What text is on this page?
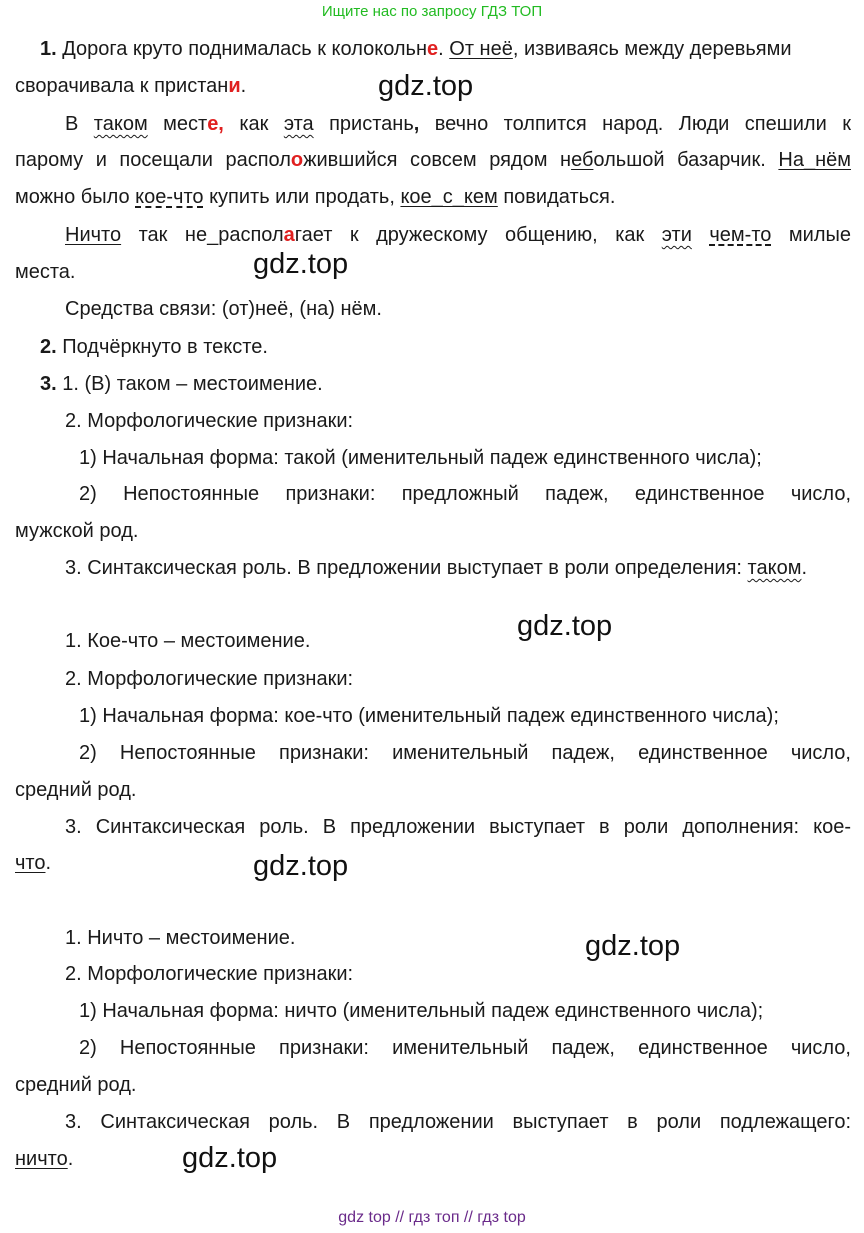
Ищите нас по запросу ГДЗ ТОП
1. Дорога круто поднималась к колокольне. От неё, извиваясь между деревьями
сворачивала к пристани.
В таком месте, как эта пристань, вечно толпится народ. Люди спешили к
парому и посещали расположившийся совсем рядом небольшой базарчик. На_нём
можно было кое-что купить или продать, кое_с_кем повидаться.
Ничто так не_располагает к дружескому общению, как эти чем-то милые
места.
Средства связи: (от)неё, (на) нём.
2. Подчёркнуто в тексте.
3. 1. (В) таком – местоимение.
2. Морфологические признаки:
1) Начальная форма: такой (именительный падеж единственного числа);
2) Непостоянные признаки: предложный падеж, единственное число,
мужской род.
3. Синтаксическая роль. В предложении выступает в роли определения: таком.
1. Кое-что – местоимение.
2. Морфологические признаки:
1) Начальная форма: кое-что (именительный падеж единственного числа);
2) Непостоянные признаки: именительный падеж, единственное число,
средний род.
3. Синтаксическая роль. В предложении выступает в роли дополнения: кое-
что.
1. Ничто – местоимение.
2. Морфологические признаки:
1) Начальная форма: ничто (именительный падеж единственного числа);
2) Непостоянные признаки: именительный падеж, единственное число,
средний род.
3. Синтаксическая роль. В предложении выступает в роли подлежащего:
ничто.
gdz.top
gdz.top
gdz.top
gdz.top
gdz.top
gdz.top
gdz top // гдз топ // гдз top
